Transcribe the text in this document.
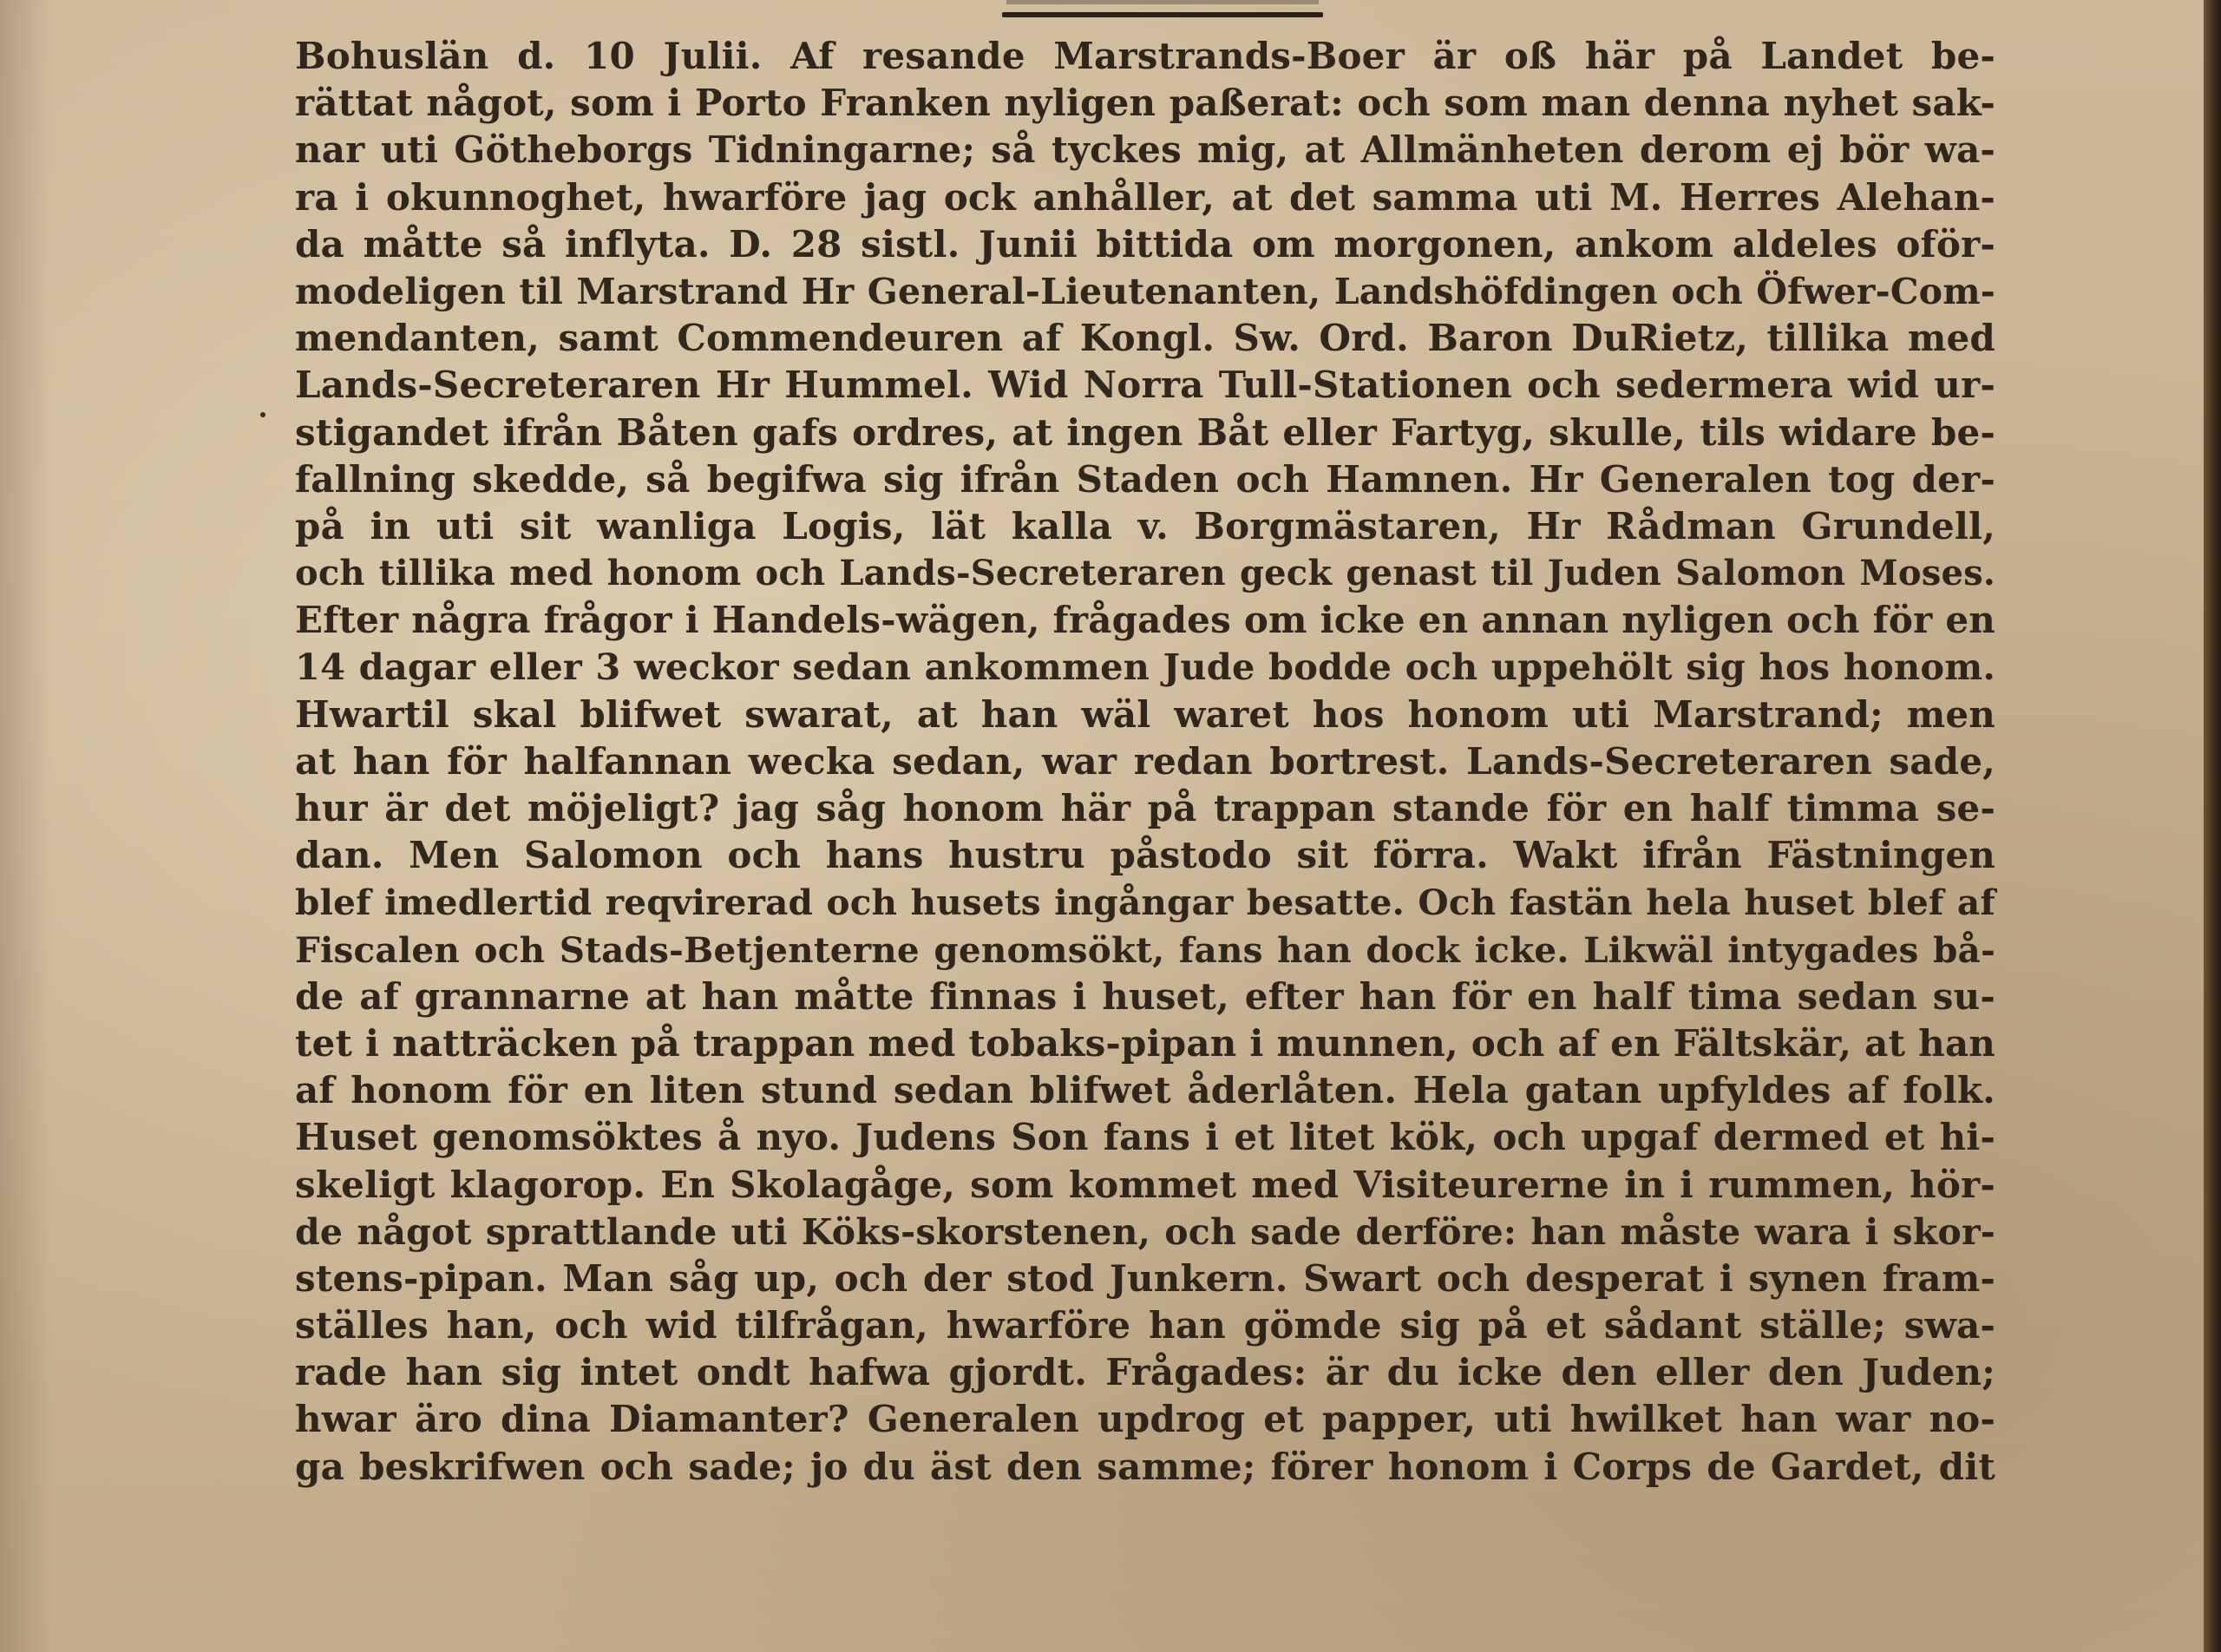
Bohuslän d. 10 Julii. Af resande Marstrands-Boer är oß här på Landet be-
rättat något, som i Porto Franken nyligen paßerat: och som man denna nyhet sak-
nar uti Götheborgs Tidningarne; så tyckes mig, at Allmänheten derom ej bör wa-
ra i okunnoghet, hwarföre jag ock anhåller, at det samma uti M. Herres Alehan-
da måtte så inflyta. D. 28 sistl. Junii bittida om morgonen, ankom aldeles oför-
modeligen til Marstrand Hr General-Lieutenanten, Landshöfdingen och Öfwer-Com-
mendanten, samt Commendeuren af Kongl. Sw. Ord. Baron DuRietz, tillika med
Lands-Secreteraren Hr Hummel. Wid Norra Tull-Stationen och sedermera wid ur-
stigandet ifrån Båten gafs ordres, at ingen Båt eller Fartyg, skulle, tils widare be-
fallning skedde, så begifwa sig ifrån Staden och Hamnen. Hr Generalen tog der-
på in uti sit wanliga Logis, lät kalla v. Borgmästaren, Hr Rådman Grundell,
och tillika med honom och Lands-Secreteraren geck genast til Juden Salomon Moses.
Efter några frågor i Handels-wägen, frågades om icke en annan nyligen och för en
14 dagar eller 3 weckor sedan ankommen Jude bodde och uppehölt sig hos honom.
Hwartil skal blifwet swarat, at han wäl waret hos honom uti Marstrand; men
at han för halfannan wecka sedan, war redan bortrest. Lands-Secreteraren sade,
hur är det möjeligt? jag såg honom här på trappan stande för en half timma se-
dan. Men Salomon och hans hustru påstodo sit förra. Wakt ifrån Fästningen
blef imedlertid reqvirerad och husets ingångar besatte. Och fastän hela huset blef af
Fiscalen och Stads-Betjenterne genomsökt, fans han dock icke. Likwäl intygades bå-
de af grannarne at han måtte finnas i huset, efter han för en half tima sedan su-
tet i natträcken på trappan med tobaks-pipan i munnen, och af en Fältskär, at han
af honom för en liten stund sedan blifwet åderlåten. Hela gatan upfyldes af folk.
Huset genomsöktes å nyo. Judens Son fans i et litet kök, och upgaf dermed et hi-
skeligt klagorop. En Skolagåge, som kommet med Visiteurerne in i rummen, hör-
de något sprattlande uti Köks-skorstenen, och sade derföre: han måste wara i skor-
stens-pipan. Man såg up, och der stod Junkern. Swart och desperat i synen fram-
ställes han, och wid tilfrågan, hwarföre han gömde sig på et sådant ställe; swa-
rade han sig intet ondt hafwa gjordt. Frågades: är du icke den eller den Juden;
hwar äro dina Diamanter? Generalen updrog et papper, uti hwilket han war no-
ga beskrifwen och sade; jo du äst den samme; förer honom i Corps de Gardet, dit
